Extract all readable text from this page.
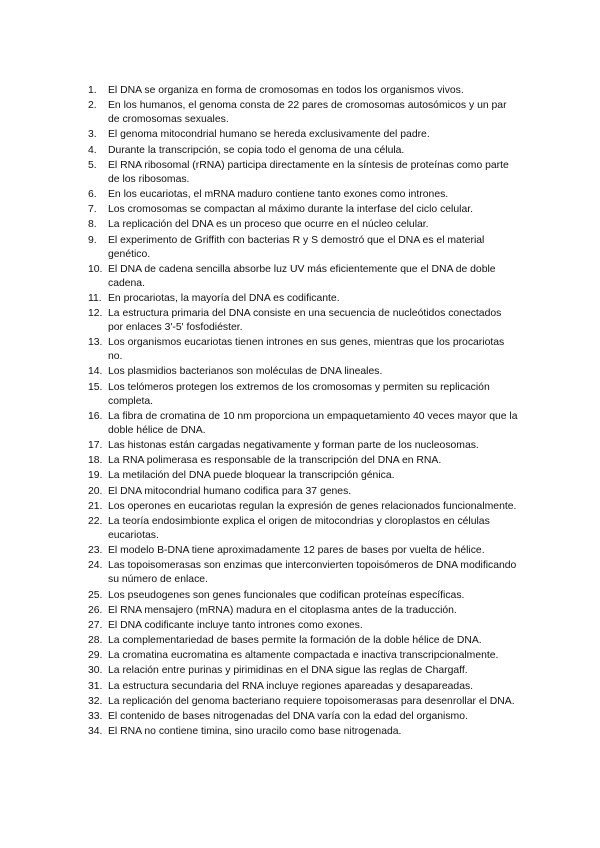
1.	El DNA se organiza en forma de cromosomas en todos los organismos vivos.
2.	En los humanos, el genoma consta de 22 pares de cromosomas autosómicos y un par de cromosomas sexuales.
3.	El genoma mitocondrial humano se hereda exclusivamente del padre.
4.	Durante la transcripción, se copia todo el genoma de una célula.
5.	El RNA ribosomal (rRNA) participa directamente en la síntesis de proteínas como parte de los ribosomas.
6.	En los eucariotas, el mRNA maduro contiene tanto exones como intrones.
7.	Los cromosomas se compactan al máximo durante la interfase del ciclo celular.
8.	La replicación del DNA es un proceso que ocurre en el núcleo celular.
9.	El experimento de Griffith con bacterias R y S demostró que el DNA es el material genético.
10. El DNA de cadena sencilla absorbe luz UV más eficientemente que el DNA de doble cadena.
11. En procariotas, la mayoría del DNA es codificante.
12. La estructura primaria del DNA consiste en una secuencia de nucleótidos conectados por enlaces 3'-5' fosfodiéster.
13. Los organismos eucariotas tienen intrones en sus genes, mientras que los procariotas no.
14. Los plasmidios bacterianos son moléculas de DNA lineales.
15. Los telómeros protegen los extremos de los cromosomas y permiten su replicación completa.
16. La fibra de cromatina de 10 nm proporciona un empaquetamiento 40 veces mayor que la doble hélice de DNA.
17. Las histonas están cargadas negativamente y forman parte de los nucleosomas.
18. La RNA polimerasa es responsable de la transcripción del DNA en RNA.
19. La metilación del DNA puede bloquear la transcripción génica.
20. El DNA mitocondrial humano codifica para 37 genes.
21. Los operones en eucariotas regulan la expresión de genes relacionados funcionalmente.
22. La teoría endosimbionte explica el origen de mitocondrias y cloroplastos en células eucariotas.
23. El modelo B-DNA tiene aproximadamente 12 pares de bases por vuelta de hélice.
24. Las topoisomerasas son enzimas que interconvierten topoisómeros de DNA modificando su número de enlace.
25. Los pseudogenes son genes funcionales que codifican proteínas específicas.
26. El RNA mensajero (mRNA) madura en el citoplasma antes de la traducción.
27. El DNA codificante incluye tanto intrones como exones.
28. La complementariedad de bases permite la formación de la doble hélice de DNA.
29. La cromatina eucromatina es altamente compactada e inactiva transcripcionalmente.
30. La relación entre purinas y pirimidinas en el DNA sigue las reglas de Chargaff.
31. La estructura secundaria del RNA incluye regiones apareadas y desapareadas.
32. La replicación del genoma bacteriano requiere topoisomerasas para desenrollar el DNA.
33. El contenido de bases nitrogenadas del DNA varía con la edad del organismo.
34. El RNA no contiene timina, sino uracilo como base nitrogenada.
